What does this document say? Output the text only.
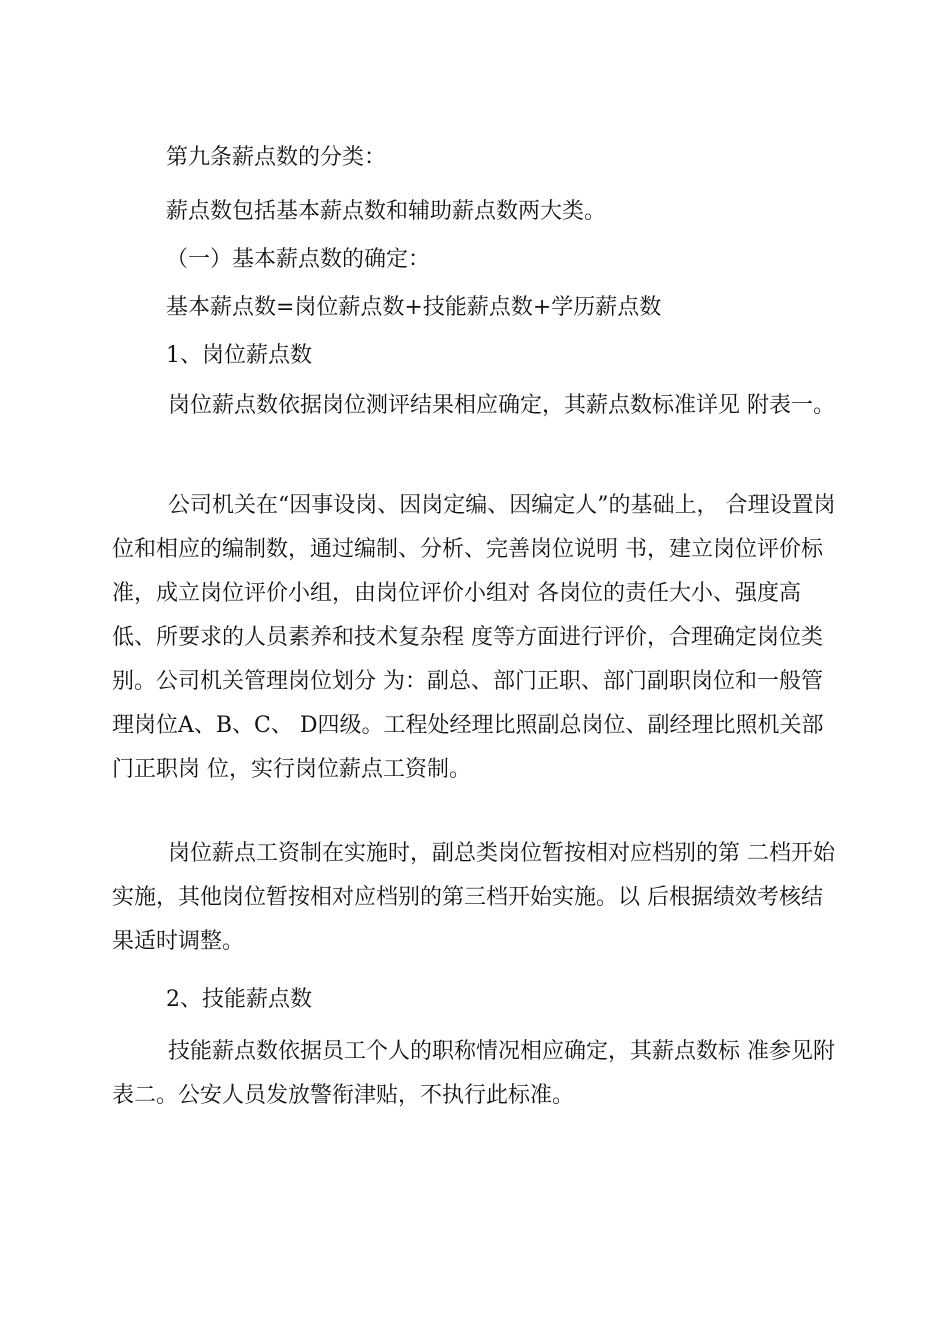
第九条薪点数的分类：

薪点数包括基本薪点数和辅助薪点数两大类。

（一）基本薪点数的确定：

基本薪点数=岗位薪点数+技能薪点数+学历薪点数

1、岗位薪点数

岗位薪点数依据岗位测评结果相应确定，其薪点数标准详见 附表一。

公司机关在“因事设岗、因岗定编、因编定人”的基础上， 合理设置岗位和相应的编制数，通过编制、分析、完善岗位说明 书，建立岗位评价标准，成立岗位评价小组，由岗位评价小组对 各岗位的责任大小、强度高低、所要求的人员素养和技术复杂程 度等方面进行评价，合理确定岗位类别。公司机关管理岗位划分 为：副总、部门正职、部门副职岗位和一般管理岗位A、B、C、 D四级。工程处经理比照副总岗位、副经理比照机关部门正职岗 位，实行岗位薪点工资制。

岗位薪点工资制在实施时，副总类岗位暂按相对应档别的第 二档开始实施，其他岗位暂按相对应档别的第三档开始实施。以 后根据绩效考核结果适时调整。

2、技能薪点数

技能薪点数依据员工个人的职称情况相应确定，其薪点数标 准参见附表二。公安人员发放警衔津贴，不执行此标准。
